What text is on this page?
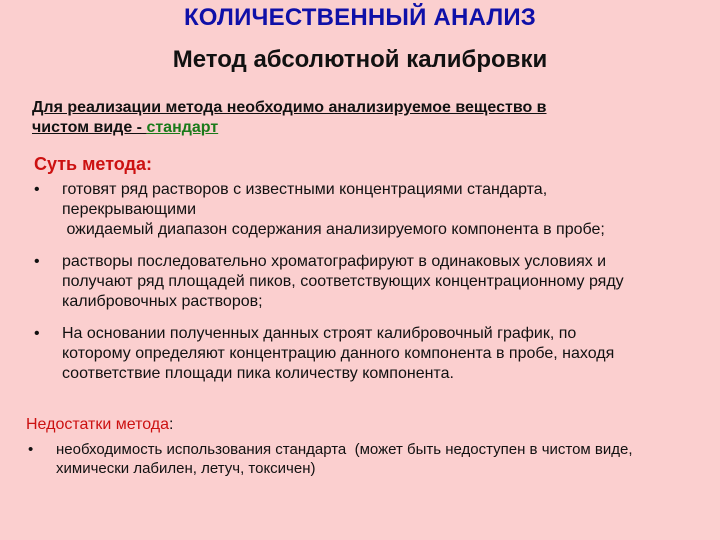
КОЛИЧЕСТВЕННЫЙ АНАЛИЗ
Метод абсолютной калибровки
Для реализации метода необходимо анализируемое вещество в
чистом виде - стандарт
Суть метода:
•	готовят ряд растворов с известными концентрациями стандарта,
перекрывающими
ожидаемый диапазон содержания анализируемого компонента в пробе;
•	растворы последовательно хроматографируют в одинаковых условиях и
получают ряд площадей пиков, соответствующих концентрационному ряду
калибровочных растворов;
•	На основании полученных данных строят калибровочный график, по
которому определяют концентрацию данного компонента в пробе, находя
соответствие площади пика количеству компонента.
Недостатки метода:
•	необходимость использования стандарта  (может быть недоступен в чистом виде,
химически лабилен, летуч, токсичен)
